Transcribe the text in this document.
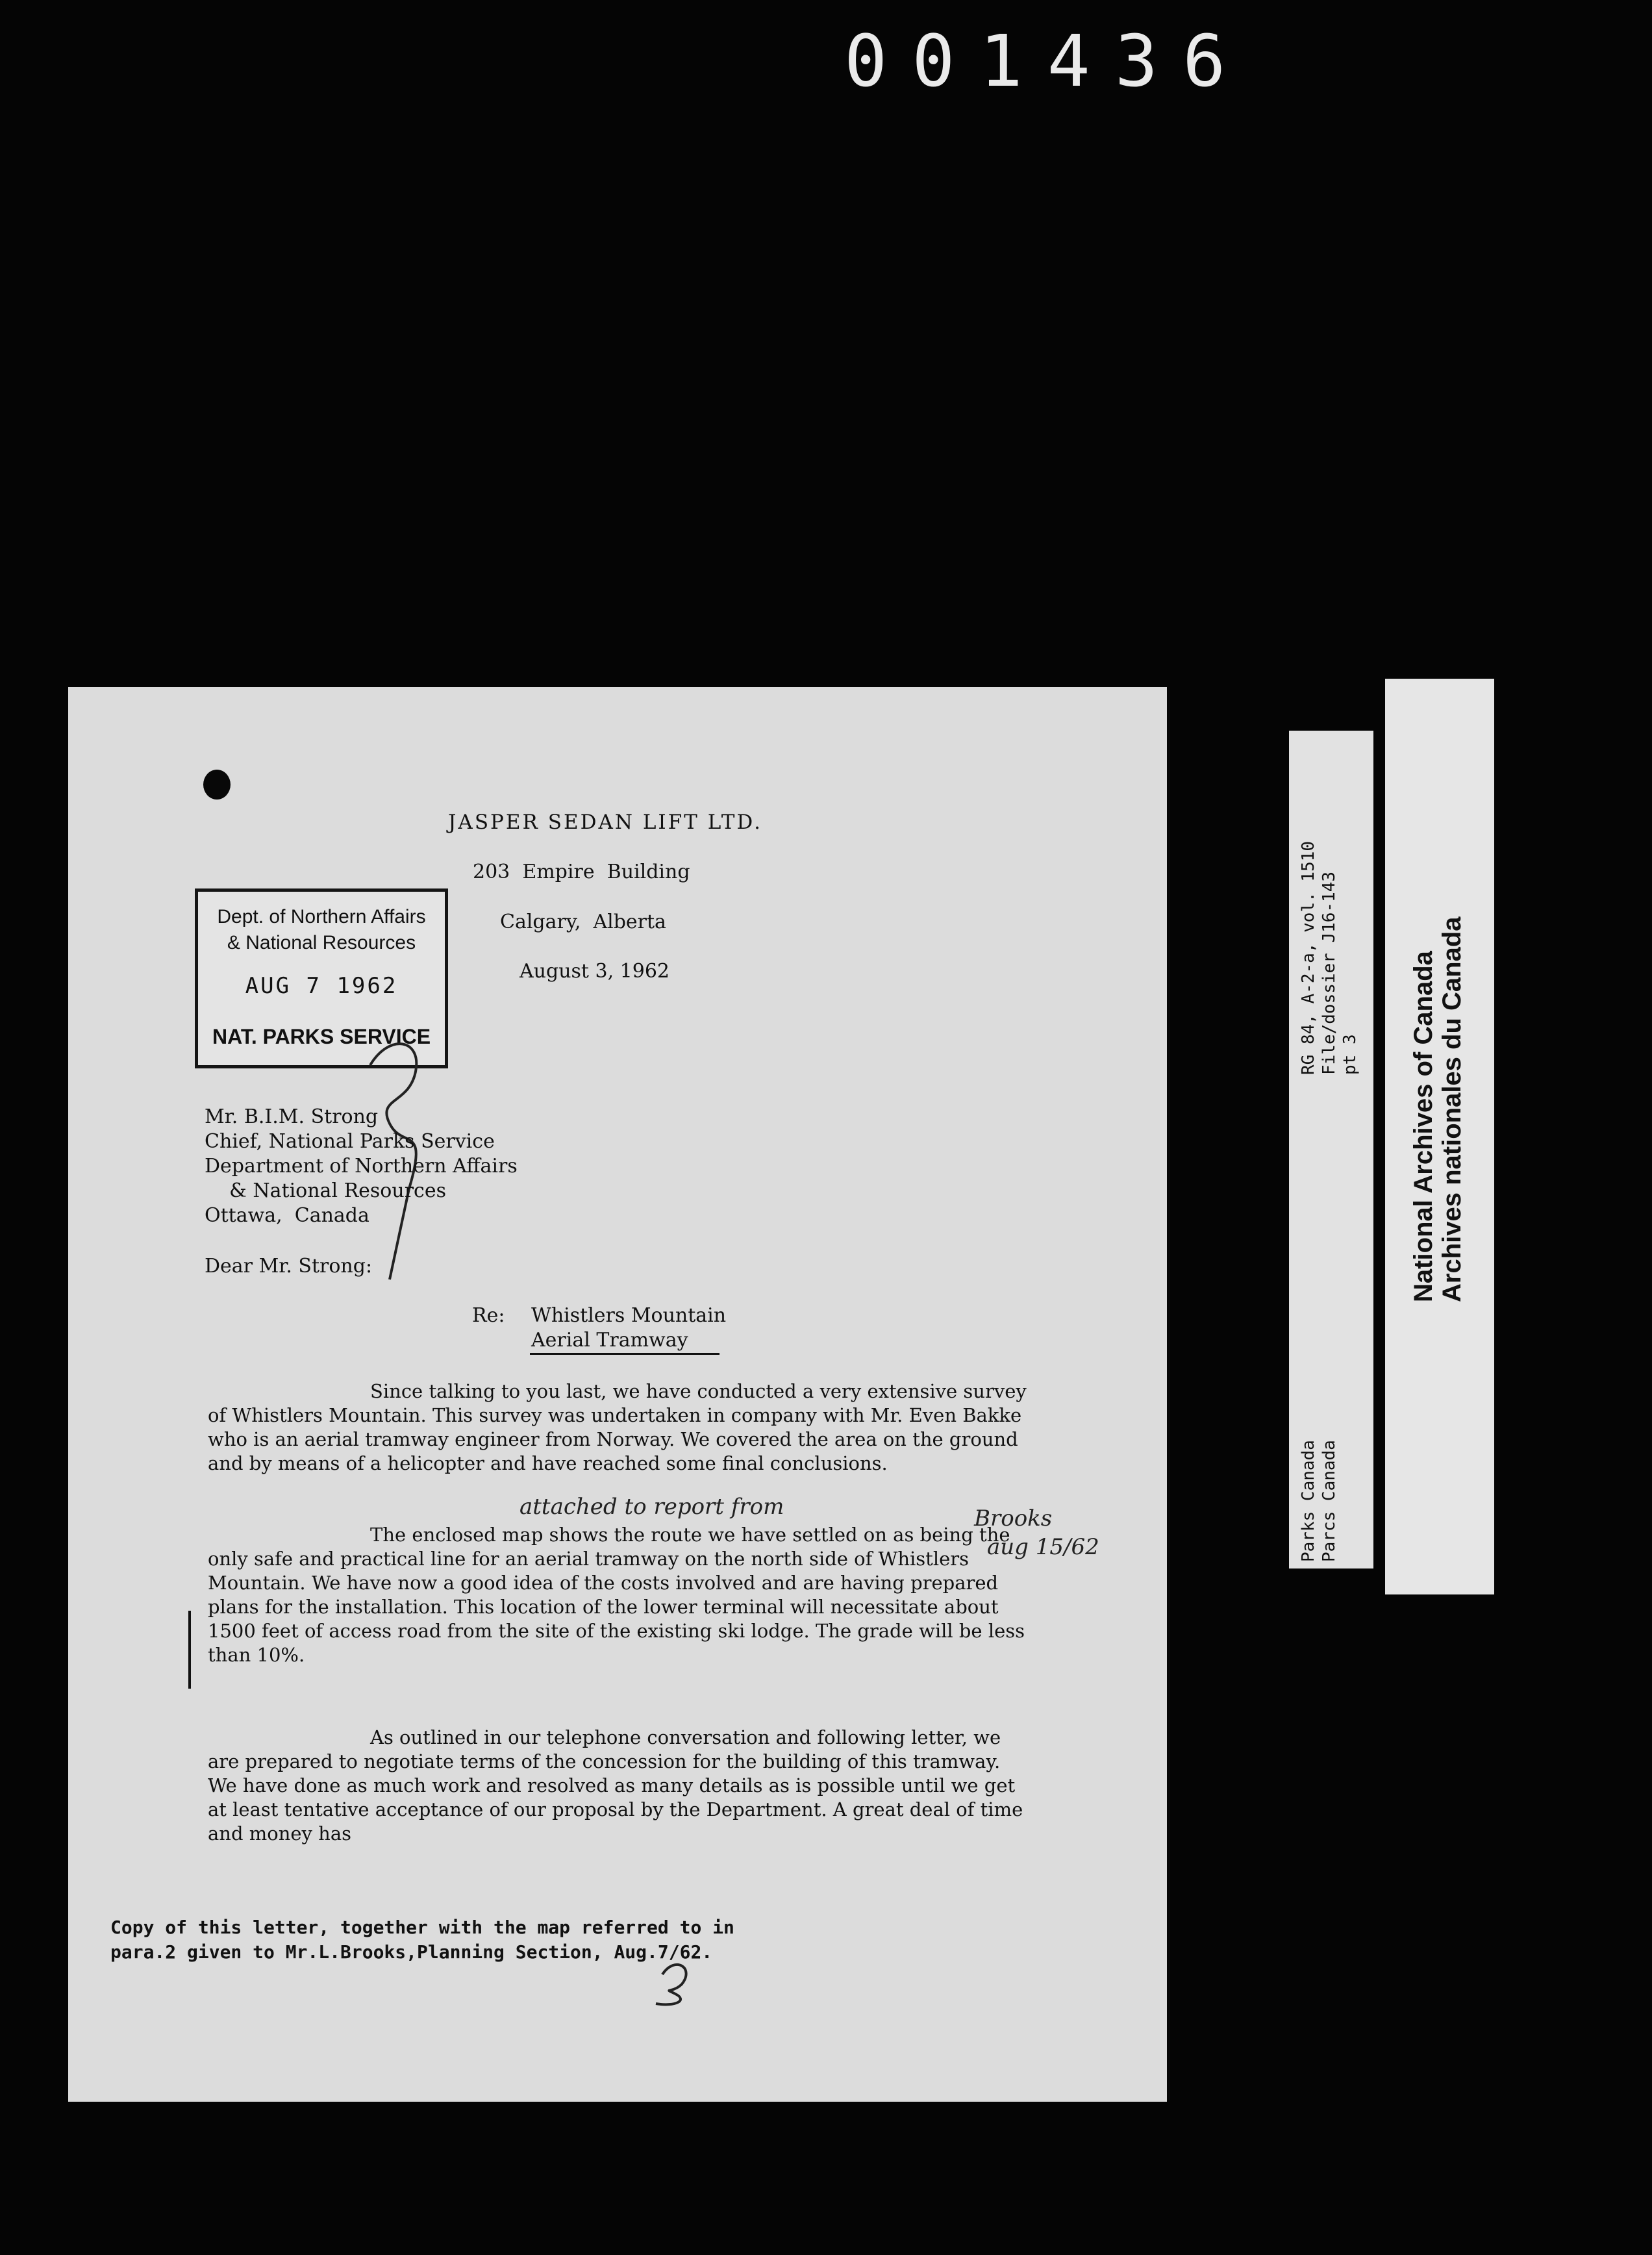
001436
JASPER SEDAN LIFT LTD.
203  Empire  Building
Calgary,  Alberta
August 3, 1962
Dept. of Northern Affairs
& National Resources
AUG 7 1962
NAT. PARKS SERVICE
Mr. B.I.M. Strong
Chief, National Parks Service
Department of Northern Affairs
& National Resources
Ottawa,  Canada
Dear Mr. Strong:
Re: Whistlers Mountain
Aerial Tramway
Since talking to you last, we have conducted a very extensive survey of Whistlers Mountain. This survey was undertaken in company with Mr. Even Bakke who is an aerial tramway engineer from Norway. We covered the area on the ground and by means of a helicopter and have reached some final conclusions.
The enclosed map shows the route we have settled on as being the only safe and practical line for an aerial tramway on the north side of Whistlers Mountain. We have now a good idea of the costs involved and are having prepared plans for the installation. This location of the lower terminal will necessitate about 1500 feet of access road from the site of the existing ski lodge. The grade will be less than 10%.
As outlined in our telephone conversation and following letter, we are prepared to negotiate terms of the concession for the building of this tramway. We have done as much work and resolved as many details as is possible until we get at least tentative acceptance of our proposal by the Department. A great deal of time and money has
attached to report from	Brooks
aug 15/62
Copy of this letter, together with the map referred to in
para.2 given to Mr.L.Brooks,Planning Section, Aug.7/62.
RG 84, A-2-a, vol. 1510 File/dossier J16-143 pt 3
Parks Canada Parcs Canada
National Archives of Canada Archives nationales du Canada
